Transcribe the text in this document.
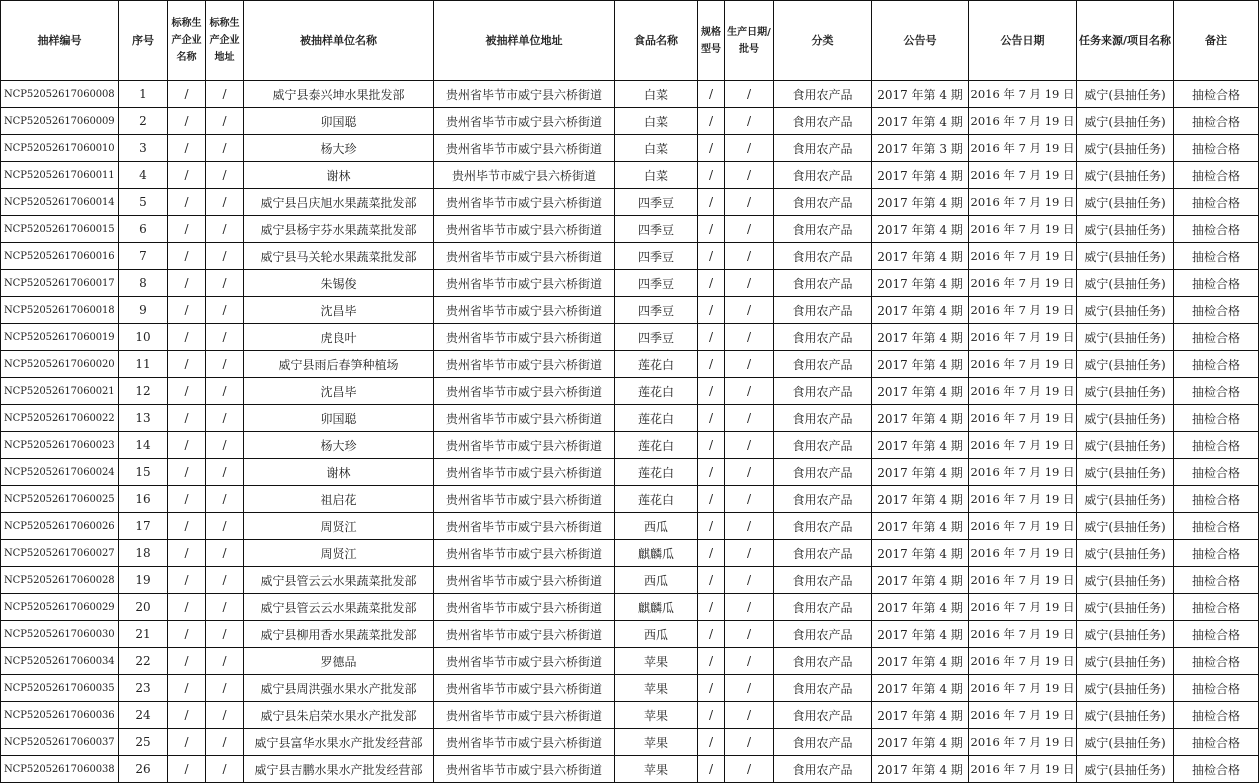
抽样编号	序号	标称生产企业名称	标称生产企业地址	被抽样单位名称	被抽样单位地址	食品名称	规格型号	生产日期/批号	分类	公告号	公告日期	任务来源/项目名称	备注
NCP52052617060008	1	/	/	威宁县泰兴坤水果批发部	贵州省毕节市威宁县六桥街道	白菜	/	/	食用农产品	2017 年第 4 期	2016 年 7 月 19 日	威宁(县抽任务)	抽检合格
NCP52052617060009	2	/	/	卯国聪	贵州省毕节市威宁县六桥街道	白菜	/	/	食用农产品	2017 年第 4 期	2016 年 7 月 19 日	威宁(县抽任务)	抽检合格
NCP52052617060010	3	/	/	杨大珍	贵州省毕节市威宁县六桥街道	白菜	/	/	食用农产品	2017 年第 3 期	2016 年 7 月 19 日	威宁(县抽任务)	抽检合格
NCP52052617060011	4	/	/	谢林	贵州毕节市威宁县六桥街道	白菜	/	/	食用农产品	2017 年第 4 期	2016 年 7 月 19 日	威宁(县抽任务)	抽检合格
NCP52052617060014	5	/	/	威宁县吕庆旭水果蔬菜批发部	贵州省毕节市威宁县六桥街道	四季豆	/	/	食用农产品	2017 年第 4 期	2016 年 7 月 19 日	威宁(县抽任务)	抽检合格
NCP52052617060015	6	/	/	威宁县杨宇芬水果蔬菜批发部	贵州省毕节市威宁县六桥街道	四季豆	/	/	食用农产品	2017 年第 4 期	2016 年 7 月 19 日	威宁(县抽任务)	抽检合格
NCP52052617060016	7	/	/	威宁县马关轮水果蔬菜批发部	贵州省毕节市威宁县六桥街道	四季豆	/	/	食用农产品	2017 年第 4 期	2016 年 7 月 19 日	威宁(县抽任务)	抽检合格
NCP52052617060017	8	/	/	朱锡俊	贵州省毕节市威宁县六桥街道	四季豆	/	/	食用农产品	2017 年第 4 期	2016 年 7 月 19 日	威宁(县抽任务)	抽检合格
NCP52052617060018	9	/	/	沈昌毕	贵州省毕节市威宁县六桥街道	四季豆	/	/	食用农产品	2017 年第 4 期	2016 年 7 月 19 日	威宁(县抽任务)	抽检合格
NCP52052617060019	10	/	/	虎良叶	贵州省毕节市威宁县六桥街道	四季豆	/	/	食用农产品	2017 年第 4 期	2016 年 7 月 19 日	威宁(县抽任务)	抽检合格
NCP52052617060020	11	/	/	威宁县雨后春笋种植场	贵州省毕节市威宁县六桥街道	莲花白	/	/	食用农产品	2017 年第 4 期	2016 年 7 月 19 日	威宁(县抽任务)	抽检合格
NCP52052617060021	12	/	/	沈昌毕	贵州省毕节市威宁县六桥街道	莲花白	/	/	食用农产品	2017 年第 4 期	2016 年 7 月 19 日	威宁(县抽任务)	抽检合格
NCP52052617060022	13	/	/	卯国聪	贵州省毕节市威宁县六桥街道	莲花白	/	/	食用农产品	2017 年第 4 期	2016 年 7 月 19 日	威宁(县抽任务)	抽检合格
NCP52052617060023	14	/	/	杨大珍	贵州省毕节市威宁县六桥街道	莲花白	/	/	食用农产品	2017 年第 4 期	2016 年 7 月 19 日	威宁(县抽任务)	抽检合格
NCP52052617060024	15	/	/	谢林	贵州省毕节市威宁县六桥街道	莲花白	/	/	食用农产品	2017 年第 4 期	2016 年 7 月 19 日	威宁(县抽任务)	抽检合格
NCP52052617060025	16	/	/	祖启花	贵州省毕节市威宁县六桥街道	莲花白	/	/	食用农产品	2017 年第 4 期	2016 年 7 月 19 日	威宁(县抽任务)	抽检合格
NCP52052617060026	17	/	/	周贤江	贵州省毕节市威宁县六桥街道	西瓜	/	/	食用农产品	2017 年第 4 期	2016 年 7 月 19 日	威宁(县抽任务)	抽检合格
NCP52052617060027	18	/	/	周贤江	贵州省毕节市威宁县六桥街道	麒麟瓜	/	/	食用农产品	2017 年第 4 期	2016 年 7 月 19 日	威宁(县抽任务)	抽检合格
NCP52052617060028	19	/	/	威宁县管云云水果蔬菜批发部	贵州省毕节市威宁县六桥街道	西瓜	/	/	食用农产品	2017 年第 4 期	2016 年 7 月 19 日	威宁(县抽任务)	抽检合格
NCP52052617060029	20	/	/	威宁县管云云水果蔬菜批发部	贵州省毕节市威宁县六桥街道	麒麟瓜	/	/	食用农产品	2017 年第 4 期	2016 年 7 月 19 日	威宁(县抽任务)	抽检合格
NCP52052617060030	21	/	/	威宁县柳用香水果蔬菜批发部	贵州省毕节市威宁县六桥街道	西瓜	/	/	食用农产品	2017 年第 4 期	2016 年 7 月 19 日	威宁(县抽任务)	抽检合格
NCP52052617060034	22	/	/	罗德品	贵州省毕节市威宁县六桥街道	苹果	/	/	食用农产品	2017 年第 4 期	2016 年 7 月 19 日	威宁(县抽任务)	抽检合格
NCP52052617060035	23	/	/	威宁县周洪强水果水产批发部	贵州省毕节市威宁县六桥街道	苹果	/	/	食用农产品	2017 年第 4 期	2016 年 7 月 19 日	威宁(县抽任务)	抽检合格
NCP52052617060036	24	/	/	威宁县朱启荣水果水产批发部	贵州省毕节市威宁县六桥街道	苹果	/	/	食用农产品	2017 年第 4 期	2016 年 7 月 19 日	威宁(县抽任务)	抽检合格
NCP52052617060037	25	/	/	威宁县富华水果水产批发经营部	贵州省毕节市威宁县六桥街道	苹果	/	/	食用农产品	2017 年第 4 期	2016 年 7 月 19 日	威宁(县抽任务)	抽检合格
NCP52052617060038	26	/	/	威宁县吉鹏水果水产批发经营部	贵州省毕节市威宁县六桥街道	苹果	/	/	食用农产品	2017 年第 4 期	2016 年 7 月 19 日	威宁(县抽任务)	抽检合格
